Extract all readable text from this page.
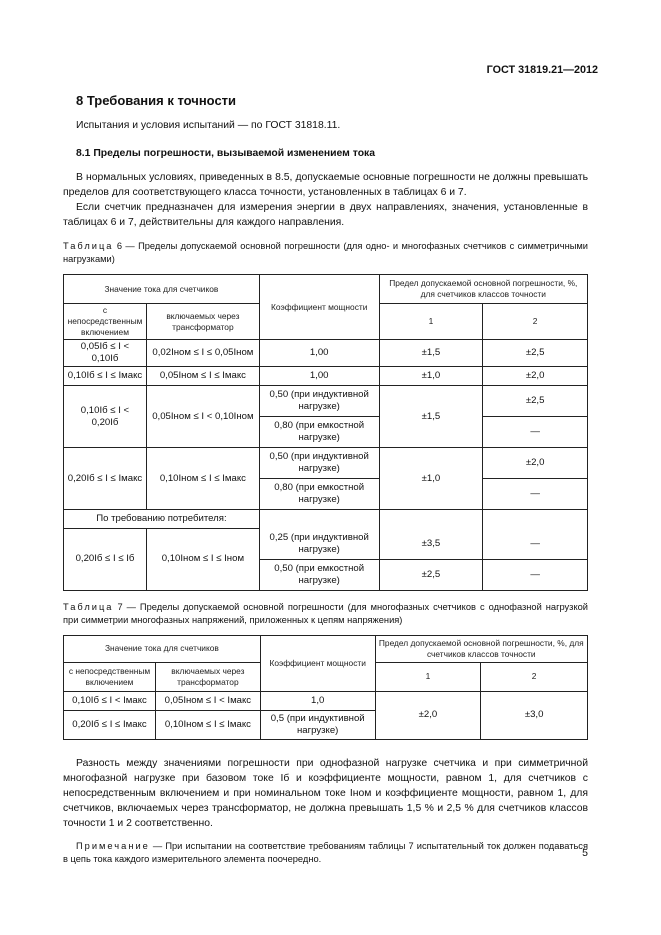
ГОСТ 31819.21—2012
8 Требования к точности

Испытания и условия испытаний — по ГОСТ 31818.11.

8.1 Пределы погрешности, вызываемой изменением тока

В нормальных условиях, приведенных в 8.5, допускаемые основные погрешности не должны превышать пределов для соответствующего класса точности, установленных в таблицах 6 и 7.

Если счетчик предназначен для измерения энергии в двух направлениях, значения, установленные в таблицах 6 и 7, действительны для каждого направления.

Таблица 6 — Пределы допускаемой основной погрешности (для одно- и многофазных счетчиков с симметричными нагрузками)

Значение тока для счетчиков		Коэффициент мощности	Предел допускаемой основной погрешности, %, для счетчиков классов точности	
с непосредственным включением	включаемых через трансформатор		1	2
0,05Iб ≤ I < 0,10Iб	0,02Iном ≤ I ≤ 0,05Iном	1,00	±1,5	±2,5
0,10Iб ≤ I ≤ Iмакс	0,05Iном ≤ I ≤ Iмакс	1,00	±1,0	±2,0
0,10Iб ≤ I < 0,20Iб	0,05Iном ≤ I < 0,10Iном	0,50 (при индуктивной нагрузке)	±1,5	±2,5
		0,80 (при емкостной нагрузке)		—
0,20Iб ≤ I ≤ Iмакс	0,10Iном ≤ I ≤ Iмакс	0,50 (при индуктивной нагрузке)	±1,0	±2,0
		0,80 (при емкостной нагрузке)		—
По требованию потребителя:				
0,20Iб ≤ I ≤ Iб	0,10Iном ≤ I ≤ Iном	0,25 (при индуктивной нагрузке)	±3,5	—
		0,50 (при емкостной нагрузке)	±2,5	—

Таблица 7 — Пределы допускаемой основной погрешности (для многофазных счетчиков с однофазной нагрузкой при симметрии многофазных напряжений, приложенных к цепям напряжения)

Значение тока для счетчиков		Коэффициент мощности	Предел допускаемой основной погрешности, %, для счетчиков классов точности	
с непосредственным включением	включаемых через трансформатор		1	2
0,10Iб ≤ I < Iмакс	0,05Iном ≤ I < Iмакс	1,0	±2,0	±3,0
0,20Iб ≤ I ≤ Iмакс	0,10Iном ≤ I ≤ Iмакс	0,5 (при индуктивной нагрузке)		

Разность между значениями погрешности при однофазной нагрузке счетчика и при симметричной многофазной нагрузке при базовом токе Iб и коэффициенте мощности, равном 1, для счетчиков с непосредственным включением и при номинальном токе Iном и коэффициенте мощности, равном 1, для счетчиков, включаемых через трансформатор, не должна превышать 1,5 % и 2,5 % для счетчиков классов точности 1 и 2 соответственно.

Примечание — При испытании на соответствие требованиям таблицы 7 испытательный ток должен подаваться в цепь тока каждого измерительного элемента поочередно.	5
